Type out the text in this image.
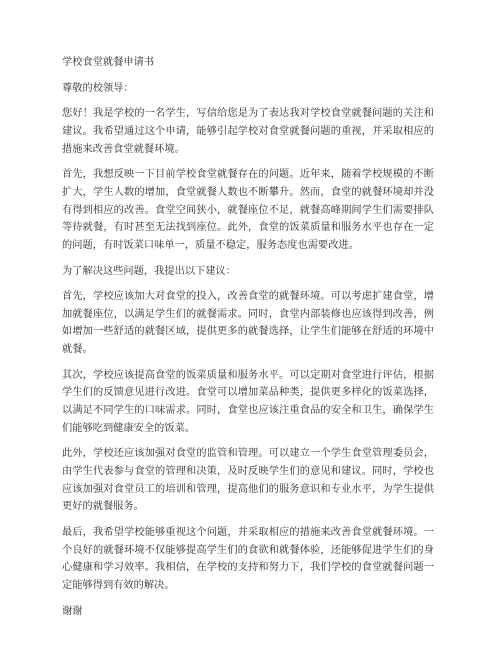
学校食堂就餐申请书

尊敬的校领导：

您好！我是学校的一名学生，写信给您是为了表达我对学校食堂就餐问题的关注和建议。我希望通过这个申请，能够引起学校对食堂就餐问题的重视，并采取相应的措施来改善食堂就餐环境。

首先，我想反映一下目前学校食堂就餐存在的问题。近年来，随着学校规模的不断扩大，学生人数的增加，食堂就餐人数也不断攀升。然而，食堂的就餐环境却并没有得到相应的改善。食堂空间狭小，就餐座位不足，就餐高峰期间学生们需要排队等待就餐，有时甚至无法找到座位。此外，食堂的饭菜质量和服务水平也存在一定的问题，有时饭菜口味单一，质量不稳定，服务态度也需要改进。

为了解决这些问题，我提出以下建议：

首先，学校应该加大对食堂的投入，改善食堂的就餐环境。可以考虑扩建食堂，增加就餐座位，以满足学生们的就餐需求。同时，食堂内部装修也应该得到改善，例如增加一些舒适的就餐区域，提供更多的就餐选择，让学生们能够在舒适的环境中就餐。

其次，学校应该提高食堂的饭菜质量和服务水平。可以定期对食堂进行评估，根据学生们的反馈意见进行改进。食堂可以增加菜品种类，提供更多样化的饭菜选择，以满足不同学生的口味需求。同时，食堂也应该注重食品的安全和卫生，确保学生们能够吃到健康安全的饭菜。

此外，学校还应该加强对食堂的监管和管理。可以建立一个学生食堂管理委员会，由学生代表参与食堂的管理和决策，及时反映学生们的意见和建议。同时，学校也应该加强对食堂员工的培训和管理，提高他们的服务意识和专业水平，为学生提供更好的就餐服务。

最后，我希望学校能够重视这个问题，并采取相应的措施来改善食堂就餐环境。一个良好的就餐环境不仅能够提高学生们的食欲和就餐体验，还能够促进学生们的身心健康和学习效率。我相信，在学校的支持和努力下，我们学校的食堂就餐问题一定能够得到有效的解决。

谢谢
